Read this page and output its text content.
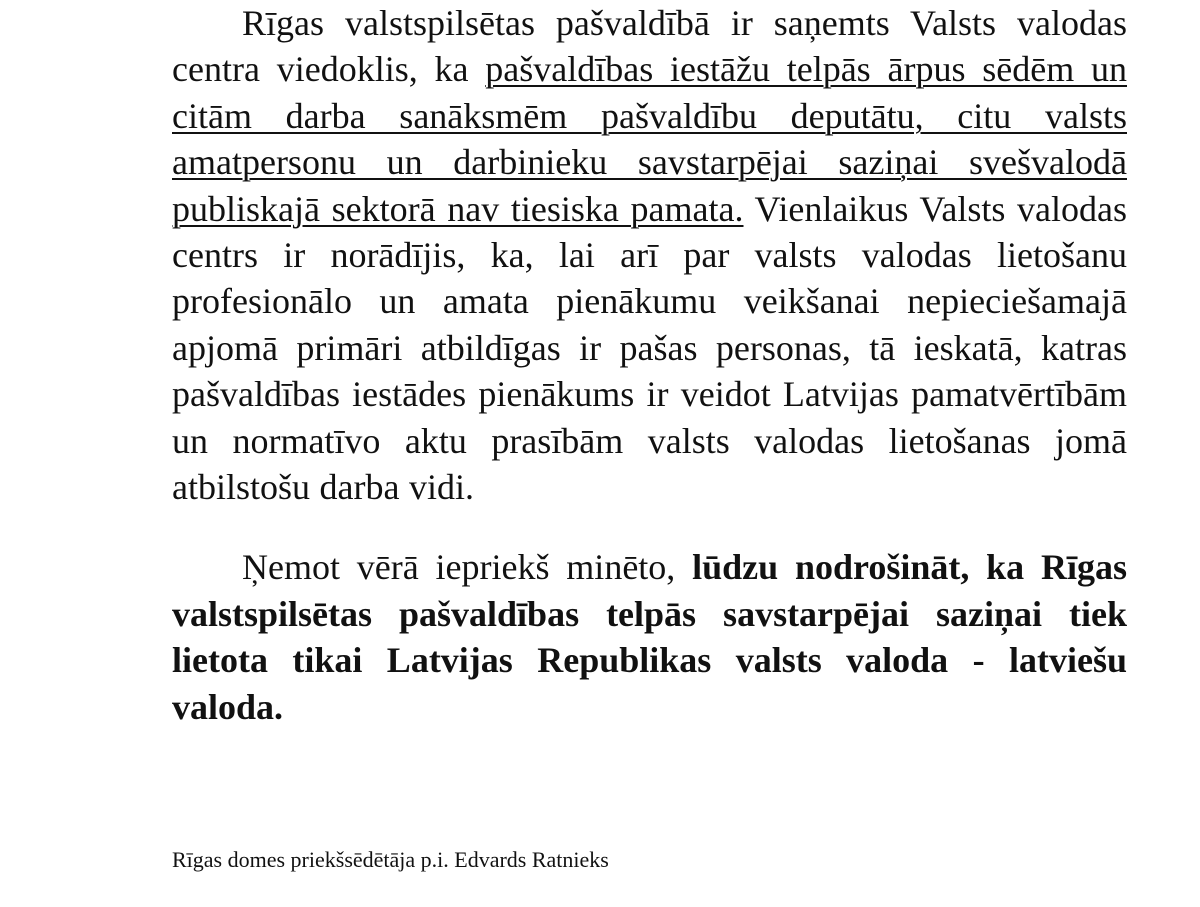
Rīgas valstspilsētas pašvaldībā ir saņemts Valsts valodas centra viedoklis, ka pašvaldības iestāžu telpās ārpus sēdēm un citām darba sanāksmēm pašvaldību deputātu, citu valsts amatpersonu un darbinieku savstarpējai saziņai svešvalodā publiskajā sektorā nav tiesiska pamata. Vienlaikus Valsts valodas centrs ir norādījis, ka, lai arī par valsts valodas lietošanu profesionālo un amata pienākumu veikšanai nepieciešamajā apjomā primāri atbildīgas ir pašas personas, tā ieskatā, katras pašvaldības iestādes pienākums ir veidot Latvijas pamatvērtībām un normatīvo aktu prasībām valsts valodas lietošanas jomā atbilstošu darba vidi.

Ņemot vērā iepriekš minēto, lūdzu nodrošināt, ka Rīgas valstspilsētas pašvaldības telpās savstarpējai saziņai tiek lietota tikai Latvijas Republikas valsts valoda - latviešu valoda.

Rīgas domes priekšsēdētāja p.i. Edvards Ratnieks
